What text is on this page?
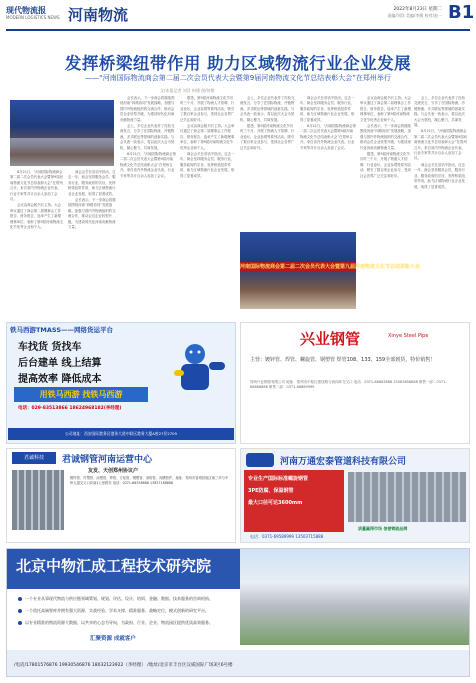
现代物流报
MODERN LOGISTICS NEWS 河南物流	2022年8月23日 星期二
责编/刘洋 美编/李敏 校对/赵一 B1
发挥桥梁纽带作用 助力区域物流行业企业发展
——“河南国际物流商会第二届二次会员代表大会暨第9届河南物流文化节总结表彰大会”在郑州举行
文/本报记者 刘洋 何建 图/何建
河南国际物流商会第二届二次会员代表大会暨第九届河南物流文化节总结表彰大会

8月21日，“河南国际物流商会第二届二次会员代表大会暨第9届河南物流文化节总结表彰大会”在郑州召开。来自省内外物流企业代表、行业专家等共计百余人参加了会议。

会议由商会秘书长主持。大会审议通过了商会第二届理事会工作报告、财务报告，选举产生了新增理事单位，表彰了第9届河南物流文化节优秀企业和个人。

商会会长在讲话中指出，过去一年，商会坚持服务会员、服务行业、服务政府的宗旨，发挥桥梁纽带作用，助力区域物流行业企业发展，取得了显著成效。

会长表示，下一步商会将继续围绕河南“四路协同”发展战略，加强与国内外物流组织的交流合作，推动会员企业转型升级，为建设现代化河南贡献物流力量。

会长表示，下一步商会将继续围绕河南“四路协同”发展战略，加强与国内外物流组织的交流合作，推动会员企业转型升级，为建设现代化河南贡献物流力量。

会上，多位企业代表作了经验交流发言，分享了在国际物流、冷链物流、多式联运等领域的创新实践。与会代表一致表示，将以此次大会为契机，凝心聚力，共谋发展。

8月21日，“河南国际物流商会第二届二次会员代表大会暨第9届河南物流文化节总结表彰大会”在郑州召开。来自省内外物流企业代表、行业专家等共计百余人参加了会议。

据悉，第9届河南物流文化节历时三个月，开展了物流人才招聘、行业论坛、企业参观等系列活动，吸引了数百家企业参与，受到社会各界广泛关注和好评。

会议由商会秘书长主持。大会审议通过了商会第二届理事会工作报告、财务报告，选举产生了新增理事单位，表彰了第9届河南物流文化节优秀企业和个人。

商会会长在讲话中指出，过去一年，商会坚持服务会员、服务行业、服务政府的宗旨，发挥桥梁纽带作用，助力区域物流行业企业发展，取得了显著成效。

会上，多位企业代表作了经验交流发言，分享了在国际物流、冷链物流、多式联运等领域的创新实践。与会代表一致表示，将以此次大会为契机，凝心聚力，共谋发展。

据悉，第9届河南物流文化节历时三个月，开展了物流人才招聘、行业论坛、企业参观等系列活动，吸引了数百家企业参与，受到社会各界广泛关注和好评。

商会会长在讲话中指出，过去一年，商会坚持服务会员、服务行业、服务政府的宗旨，发挥桥梁纽带作用，助力区域物流行业企业发展，取得了显著成效。

8月21日，“河南国际物流商会第二届二次会员代表大会暨第9届河南物流文化节总结表彰大会”在郑州召开。来自省内外物流企业代表、行业专家等共计百余人参加了会议。

会议由商会秘书长主持。大会审议通过了商会第二届理事会工作报告、财务报告，选举产生了新增理事单位，表彰了第9届河南物流文化节优秀企业和个人。

会长表示，下一步商会将继续围绕河南“四路协同”发展战略，加强与国内外物流组织的交流合作，推动会员企业转型升级，为建设现代化河南贡献物流力量。

据悉，第9届河南物流文化节历时三个月，开展了物流人才招聘、行业论坛、企业参观等系列活动，吸引了数百家企业参与，受到社会各界广泛关注和好评。

会上，多位企业代表作了经验交流发言，分享了在国际物流、冷链物流、多式联运等领域的创新实践。与会代表一致表示，将以此次大会为契机，凝心聚力，共谋发展。

8月21日，“河南国际物流商会第二届二次会员代表大会暨第9届河南物流文化节总结表彰大会”在郑州召开。来自省内外物流企业代表、行业专家等共计百余人参加了会议。

商会会长在讲话中指出，过去一年，商会坚持服务会员、服务行业、服务政府的宗旨，发挥桥梁纽带作用，助力区域物流行业企业发展，取得了显著成效。

铁马西游TMASS——网络货运平台
车找货 货找车
后台建单 线上结算
提高效率 降低成本
用铁马西游 找铁马西游
电话：029-83513866 18624968182(李经理)
公司地址：西安国际港务区港务大道中联区港务大厦A座27层2705
兴业钢管	Xinye Steel Pipe
主营：镀锌管、焊管、螺旋管、钢塑管 焊管108、133、159全部到货，特价销售！
郑州兴业钢管有限公司 地址：郑州市中原区建设路与西四环交叉口 电话：0371-68863888 15083858888 销售一部：0371-68868888 销售二部：0371-68869999
君诚科技	君诚钢管河南运营中心
友发、天创郑州协议户
镀锌管、衬塑管、涂塑管、焊管、方矩管、钢塑管、消防管、沟槽管件。地址：郑州市管城回族区南三环与中州大道交叉口向南1公里路东 电话：0371-66358888 13837188888
河南万通宏泰管道科技有限公司
专业生产国际标准螺旋钢管
3PE防腐、保温钢管
最大口径可达3600mm
电话：0371-69589999 13503715888
质量赢得市场 信誉铸就品牌
北京中物汇成工程技术研究院
一个专业从事现代物流与供应链领域策划、规划、评估、设计、培训、金融、数据、技术服务的咨询机构。
一个依托高端智库并拥有强大资源、实战经验、学术支撑、精准服务、战略定位、模式创新的研究平台。
以专业精准的物流资源大数据，以共享的心态为导向，为政府、行业、企业、物流园区提供优质高效服务。
汇聚资源 成就客户
/电话/17801576876 19930546876 18032123922（李经理） /地址/北京市丰台区汉威国际广场3区6号楼
